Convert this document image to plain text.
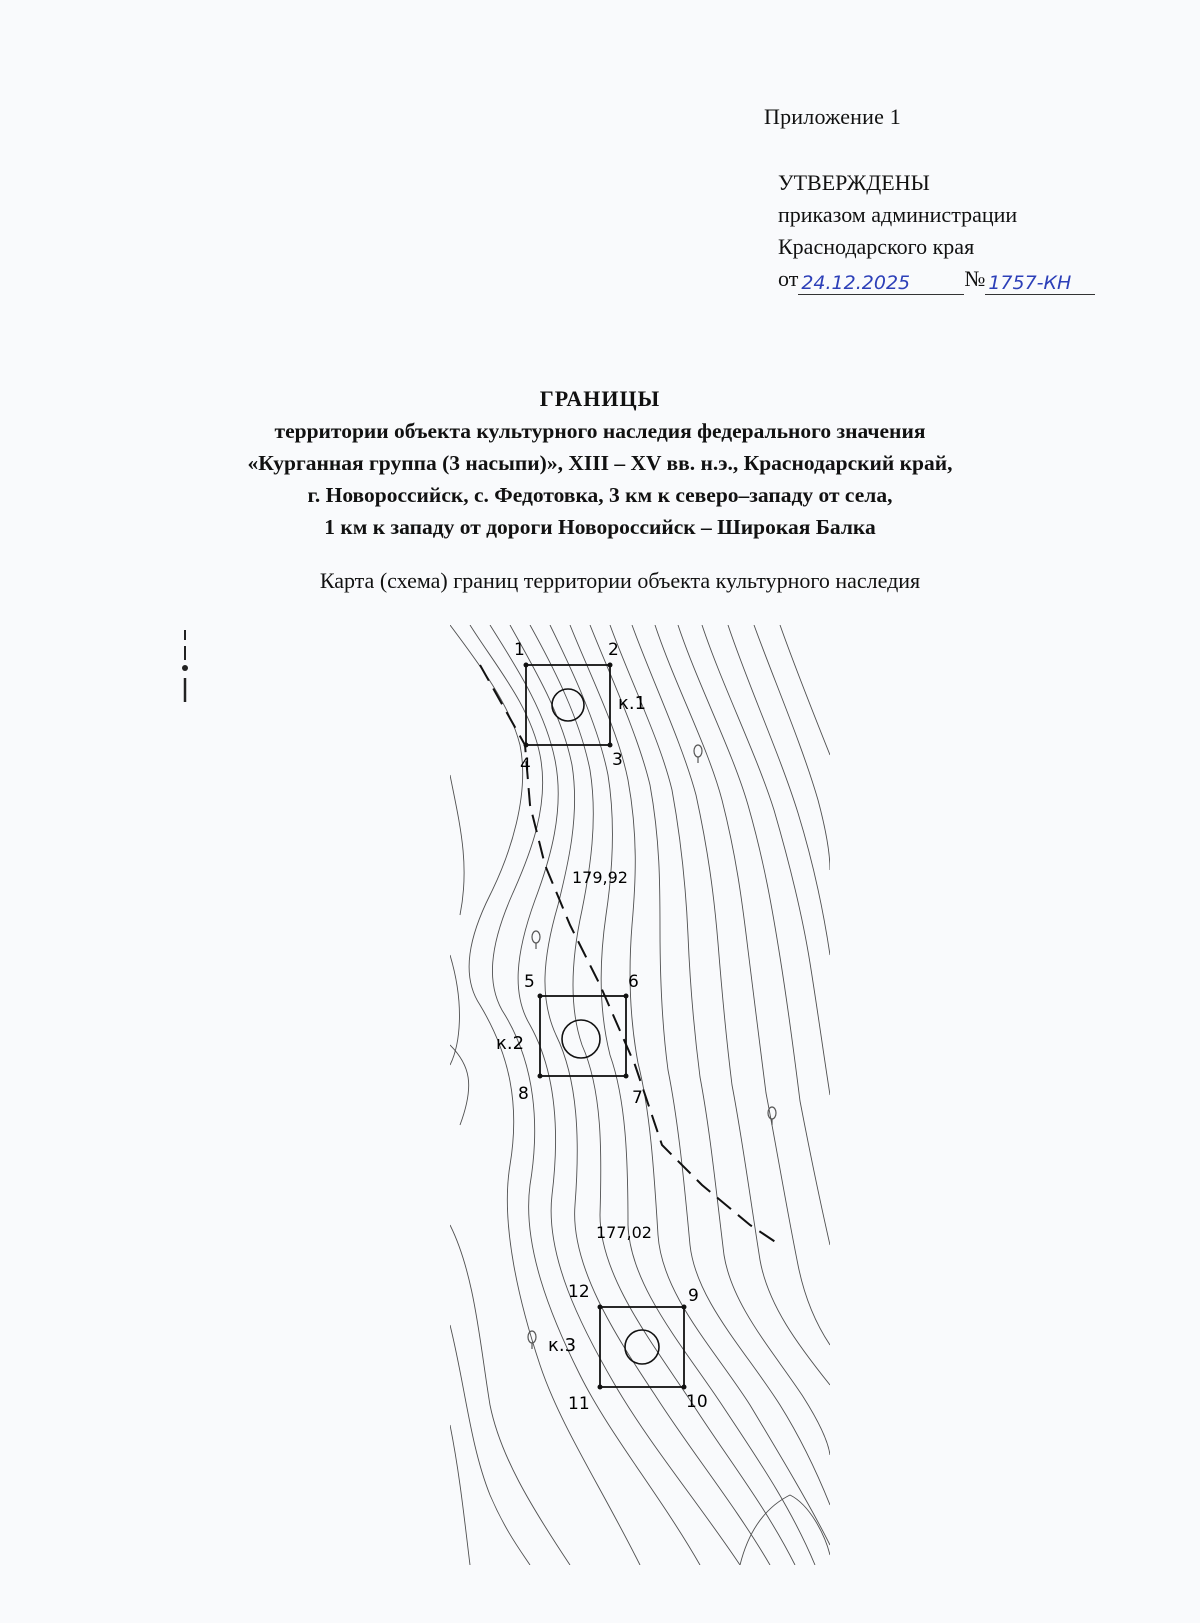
Приложение 1
УТВЕРЖДЕНЫ
приказом администрации
Краснодарского края
от 24.12.2025	№ 1757-КН
ГРАНИЦЫ
территории объекта культурного наследия федерального значения
«Курганная группа (3 насыпи)», XIII – XV вв. н.э., Краснодарский край,
г. Новороссийск, с. Федотовка, 3 км к северо–западу от села,
1 км к западу от дороги Новороссийск – Широкая Балка
Карта (схема) границ территории объекта культурного наследия
1	2
3
4
к.1
179,92
5	6
7
8
к.2
177,02
9
10
11
12
к.3
